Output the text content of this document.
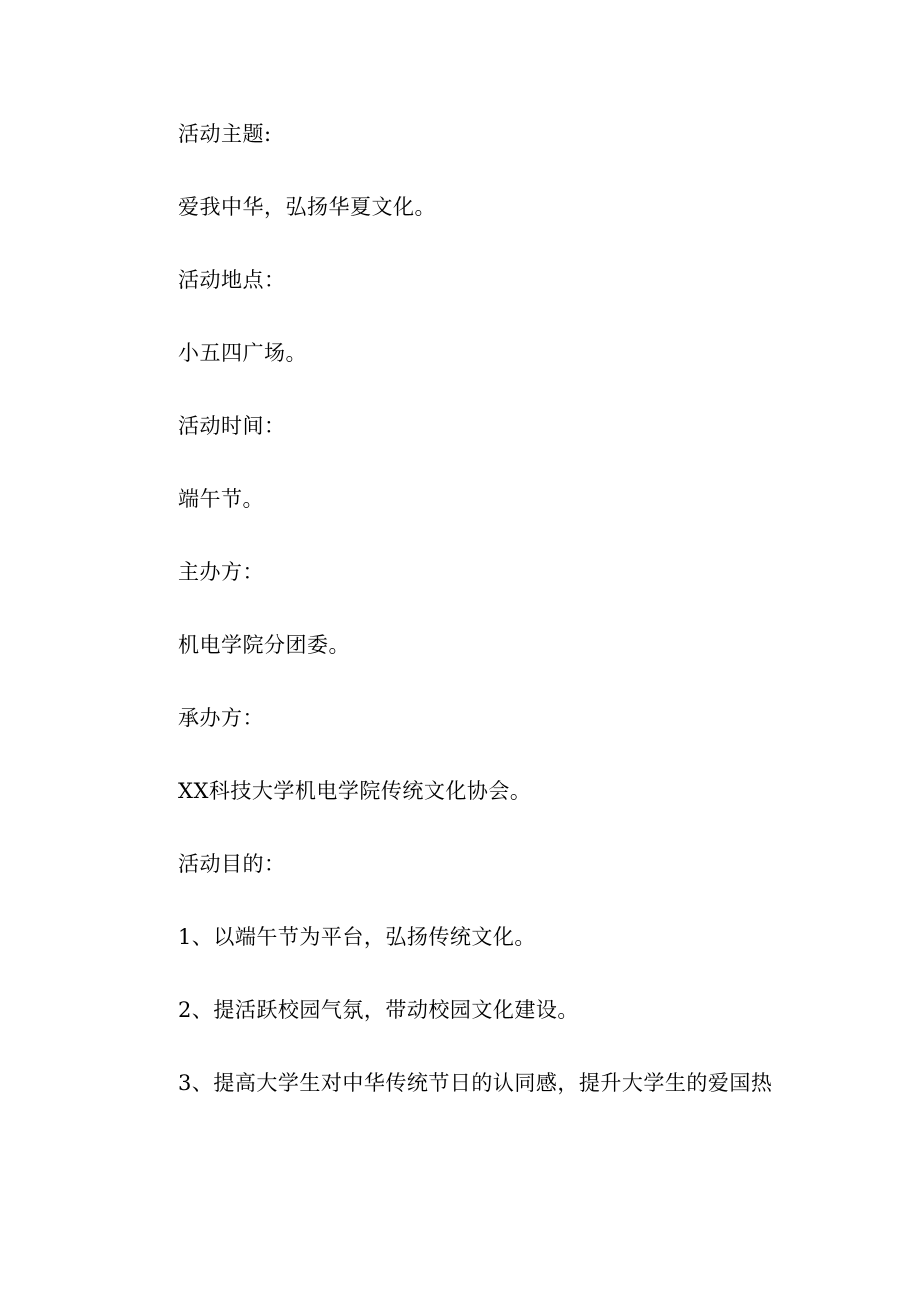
活动主题:
爱我中华，弘扬华夏文化。
活动地点：
小五四广场。
活动时间：
端午节。
主办方：
机电学院分团委。
承办方：
XX科技大学机电学院传统文化协会。
活动目的：
1、以端午节为平台，弘扬传统文化。
2、提活跃校园气氛，带动校园文化建设。
3、提高大学生对中华传统节日的认同感，提升大学生的爱国热
